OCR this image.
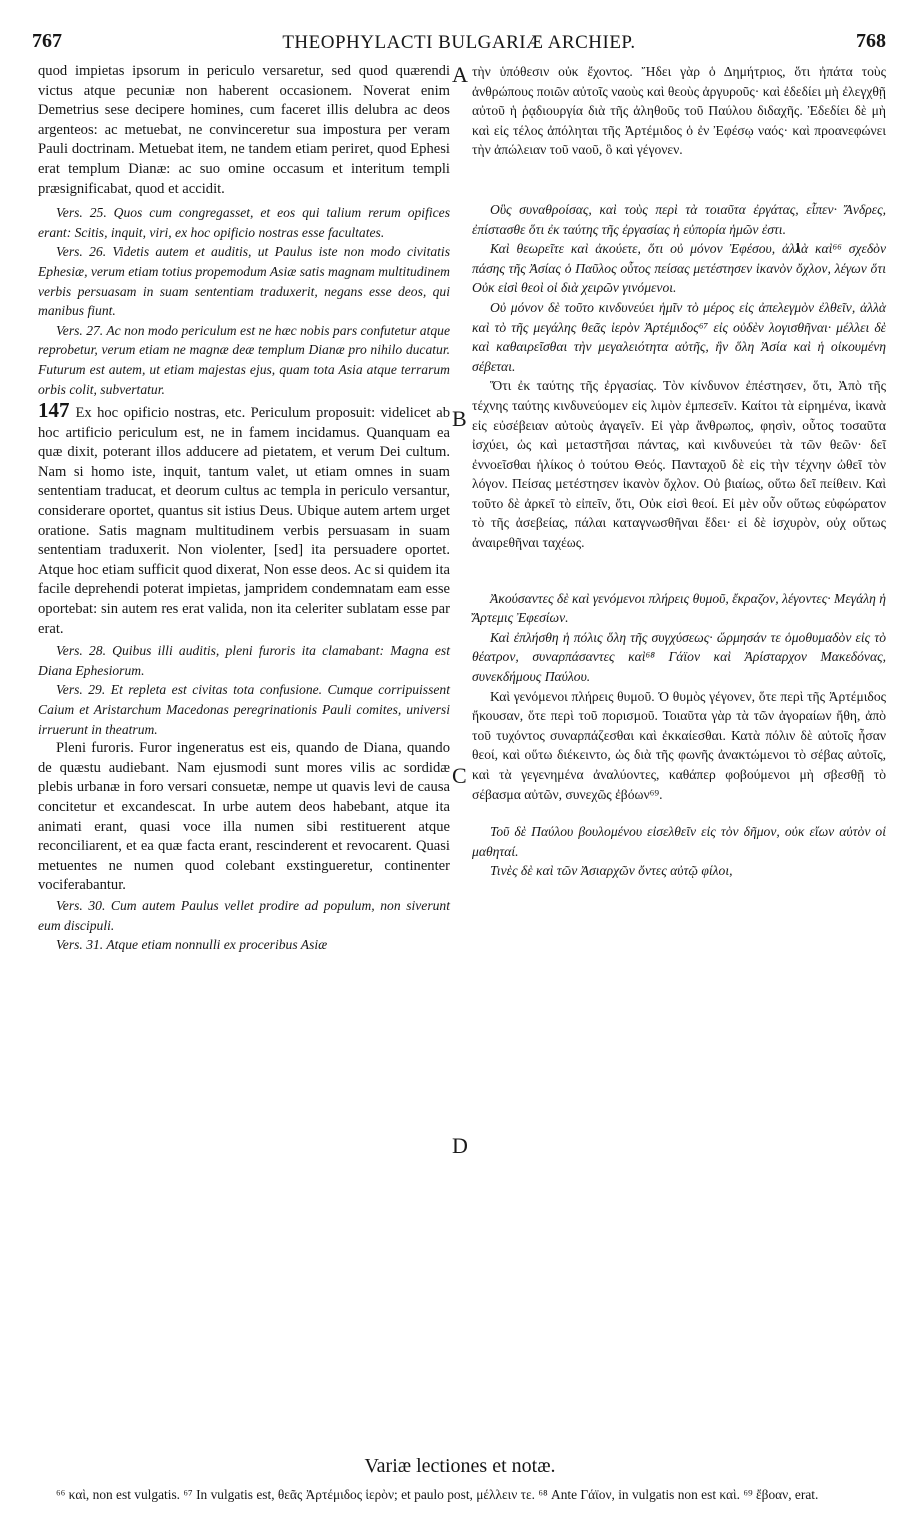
767	THEOPHYLACTI BULGARIÆ ARCHIEP.	768
A
B
C
D

quod impietas ipsorum in periculo versaretur, sed quod quærendi victus atque pecuniæ non haberent occasionem. Noverat enim Demetrius sese decipere homines, cum faceret illis delubra ac deos argenteos: ac metuebat, ne convinceretur sua impostura per veram Pauli doctrinam. Metuebat item, ne tandem etiam periret, quod Ephesi erat templum Dianæ: ac suo omine occasum et interitum templi præsignificabat, quod et accidit.

Vers. 25. Quos cum congregasset, et eos qui talium rerum opifices erant: Scitis, inquit, viri, ex hoc opificio nostras esse facultates.

Vers. 26. Videtis autem et auditis, ut Paulus iste non modo civitatis Ephesiæ, verum etiam totius propemodum Asiæ satis magnam multitudinem verbis persuasam in suam sententiam traduxerit, negans esse deos, qui manibus fiunt.

Vers. 27. Ac non modo periculum est ne hæc nobis pars confutetur atque reprobetur, verum etiam ne magnæ deæ templum Dianæ pro nihilo ducatur. Futurum est autem, ut etiam majestas ejus, quam tota Asia atque terrarum orbis colit, subvertatur.

147 Ex hoc opificio nostras, etc. Periculum proposuit: videlicet ab hoc artificio periculum est, ne in famem incidamus. Quanquam ea quæ dixit, poterant illos adducere ad pietatem, et verum Dei cultum. Nam si homo iste, inquit, tantum valet, ut etiam omnes in suam sententiam traducat, et deorum cultus ac templa in periculo versantur, considerare oportet, quantus sit istius Deus. Ubique autem artem urget oratione. Satis magnam multitudinem verbis persuasam in suam sententiam traduxerit. Non violenter, [sed] ita persuadere oportet. Atque hoc etiam sufficit quod dixerat, Non esse deos. Ac si quidem ita facile deprehendi poterat impietas, jampridem condemnatam eam esse oportebat: sin autem res erat valida, non ita celeriter sublatam esse par erat.

Vers. 28. Quibus illi auditis, pleni furoris ita clamabant: Magna est Diana Ephesiorum.

Vers. 29. Et repleta est civitas tota confusione. Cumque corripuissent Caium et Aristarchum Macedonas peregrinationis Pauli comites, universi irruerunt in theatrum.

Pleni furoris. Furor ingeneratus est eis, quando de Diana, quando de quæstu audiebant. Nam ejusmodi sunt mores vilis ac sordidæ plebis urbanæ in foro versari consuetæ, nempe ut quavis levi de causa concitetur et excandescat. In urbe autem deos habebant, atque ita animati erant, quasi voce illa numen sibi restituerent atque reconciliarent, et ea quæ facta erant, rescinderent et revocarent. Quasi metuentes ne numen quod colebant exstingueretur, continenter vociferabantur.

Vers. 30. Cum autem Paulus vellet prodire ad populum, non siverunt eum discipuli.

Vers. 31. Atque etiam nonnulli ex proceribus Asiæ

τὴν ὑπόθεσιν οὐκ ἔχοντος. Ἤδει γὰρ ὁ Δημήτριος, ὅτι ἠπάτα τοὺς ἀνθρώπους ποιῶν αὐτοῖς ναοὺς καὶ θεοὺς ἀργυροῦς· καὶ ἐδεδίει μὴ ἐλεγχθῇ αὐτοῦ ἡ ῥᾳδιουργία διὰ τῆς ἀληθοῦς τοῦ Παύλου διδαχῆς. Ἐδεδίει δὲ μὴ καὶ εἰς τέλος ἀπόληται τῆς Ἀρτέμιδος ὁ ἐν Ἐφέσῳ ναός· καὶ προανεφώνει τὴν ἀπώλειαν τοῦ ναοῦ, ὃ καὶ γέγονεν.

Οὓς συναθροίσας, καὶ τοὺς περὶ τὰ τοιαῦτα ἐργάτας, εἶπεν· Ἄνδρες, ἐπίστασθε ὅτι ἐκ ταύτης τῆς ἐργασίας ἡ εὐπορία ἡμῶν ἐστι.

Καὶ θεωρεῖτε καὶ ἀκούετε, ὅτι οὐ μόνον Ἐφέσου, ἀλλὰ καὶ⁶⁶ σχεδὸν πάσης τῆς Ἀσίας ὁ Παῦλος οὗτος πείσας μετέστησεν ἱκανὸν ὄχλον, λέγων ὅτι Οὐκ εἰσὶ θεοὶ οἱ διὰ χειρῶν γινόμενοι.

Οὐ μόνον δὲ τοῦτο κινδυνεύει ἡμῖν τὸ μέρος εἰς ἀπελεγμὸν ἐλθεῖν, ἀλλὰ καὶ τὸ τῆς μεγάλης θεᾶς ἱερὸν Ἀρτέμιδος⁶⁷ εἰς οὐδὲν λογισθῆναι· μέλλει δὲ καὶ καθαιρεῖσθαι τὴν μεγαλειότητα αὐτῆς, ἣν ὅλη Ἀσία καὶ ἡ οἰκουμένη σέβεται.

Ὅτι ἐκ ταύτης τῆς ἐργασίας. Τὸν κίνδυνον ἐπέστησεν, ὅτι, Ἀπὸ τῆς τέχνης ταύτης κινδυνεύομεν εἰς λιμὸν ἐμπεσεῖν. Καίτοι τὰ εἰρημένα, ἱκανὰ εἰς εὐσέβειαν αὐτοὺς ἀγαγεῖν. Εἰ γὰρ ἄνθρωπος, φησὶν, οὗτος τοσαῦτα ἰσχύει, ὡς καὶ μεταστῆσαι πάντας, καὶ κινδυνεύει τὰ τῶν θεῶν· δεῖ ἐννοεῖσθαι ἡλίκος ὁ τούτου Θεός. Πανταχοῦ δὲ εἰς τὴν τέχνην ὠθεῖ τὸν λόγον. Πείσας μετέστησεν ἱκανὸν ὄχλον. Οὐ βιαίως, οὕτω δεῖ πείθειν. Καὶ τοῦτο δὲ ἀρκεῖ τὸ εἰπεῖν, ὅτι, Οὐκ εἰσὶ θεοί. Εἰ μὲν οὖν οὕτως εὐφώρατον τὸ τῆς ἀσεβείας, πάλαι καταγνωσθῆναι ἔδει· εἰ δὲ ἰσχυρὸν, οὐχ οὕτως ἀναιρεθῆναι ταχέως.

Ἀκούσαντες δὲ καὶ γενόμενοι πλήρεις θυμοῦ, ἔκραζον, λέγοντες· Μεγάλη ἡ Ἄρτεμις Ἐφεσίων.

Καὶ ἐπλήσθη ἡ πόλις ὅλη τῆς συγχύσεως· ὥρμησάν τε ὁμοθυμαδὸν εἰς τὸ θέατρον, συναρπάσαντες καὶ⁶⁸ Γάϊον καὶ Ἀρίσταρχον Μακεδόνας, συνεκδήμους Παύλου.

Καὶ γενόμενοι πλήρεις θυμοῦ. Ὁ θυμὸς γέγονεν, ὅτε περὶ τῆς Ἀρτέμιδος ἤκουσαν, ὅτε περὶ τοῦ πορισμοῦ. Τοιαῦτα γὰρ τὰ τῶν ἀγοραίων ἤθη, ἀπὸ τοῦ τυχόντος συναρπάζεσθαι καὶ ἐκκαίεσθαι. Κατὰ πόλιν δὲ αὐτοῖς ἦσαν θεοί, καὶ οὕτω διέκειντο, ὡς διὰ τῆς φωνῆς ἀνακτώμενοι τὸ σέβας αὐτοῖς, καὶ τὰ γεγενημένα ἀναλύοντες, καθάπερ φοβούμενοι μὴ σβεσθῇ τὸ σέβασμα αὐτῶν, συνεχῶς ἐβόων⁶⁹.

Τοῦ δὲ Παύλου βουλομένου εἰσελθεῖν εἰς τὸν δῆμον, οὐκ εἴων αὐτὸν οἱ μαθηταί.

Τινὲς δὲ καὶ τῶν Ἀσιαρχῶν ὄντες αὐτῷ φίλοι,

Variæ lectiones et notæ.
⁶⁶ καὶ, non est vulgatis. ⁶⁷ In vulgatis est, θεᾶς Ἀρτέμιδος ἱερὸν; et paulo post, μέλλειν τε. ⁶⁸ Ante Γάϊον, in vulgatis non est καὶ. ⁶⁹ ἔβοαν, erat.
